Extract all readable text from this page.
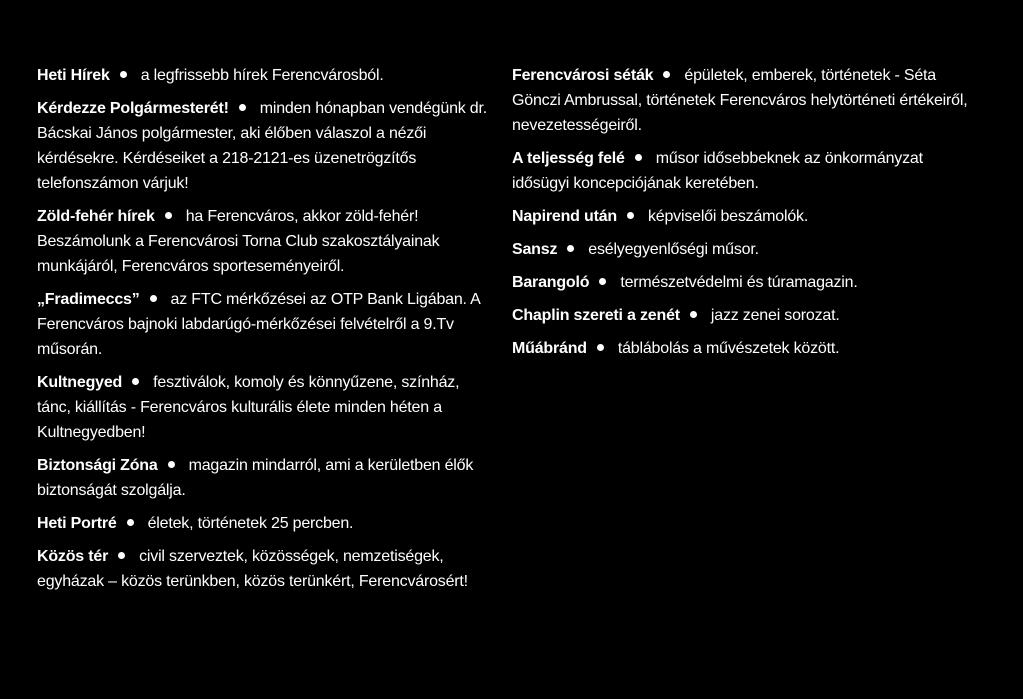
Heti Hírek a legfrissebb hírek Ferencvárosból.
Kérdezze Polgármesterét! minden hónapban vendégünk dr. Bácskai János polgármester, aki élőben válaszol a nézői kérdésekre. Kérdéseiket a 218-2121-es üzenetrögzítős telefonszámon várjuk!
Zöld-fehér hírek ha Ferencváros, akkor zöld-fehér! Beszámolunk a Ferencvárosi Torna Club szakosztályainak munkájáról, Ferencváros sporteseményeiről.
„Fradimeccs” az FTC mérkőzései az OTP Bank Ligában. A Ferencváros bajnoki labdarúgó-mérkőzései felvételről a 9.Tv műsorán.
Kultnegyed fesztiválok, komoly és könnyűzene, színház, tánc, kiállítás - Ferencváros kulturális élete minden héten a Kultnegyedben!
Biztonsági Zóna magazin mindarról, ami a kerületben élők biztonságát szolgálja.
Heti Portré életek, történetek 25 percben.
Közös tér civil szerveztek, közösségek, nemzetiségek, egyházak – közös terünkben, közös terünkért, Ferencvárosért!
Ferencvárosi séták épületek, emberek, történetek - Séta Gönczi Ambrussal, történetek Ferencváros helytörténeti értékeiről, nevezetességeiről.
A teljesség felé műsor idősebbeknek az önkormányzat idősügyi koncepciójának keretében.
Napirend után képviselői beszámolók.
Sansz esélyegyenlőségi műsor.
Barangoló természetvédelmi és túramagazin.
Chaplin szereti a zenét jazz zenei sorozat.
Műábránd táblábolás a művészetek között.
